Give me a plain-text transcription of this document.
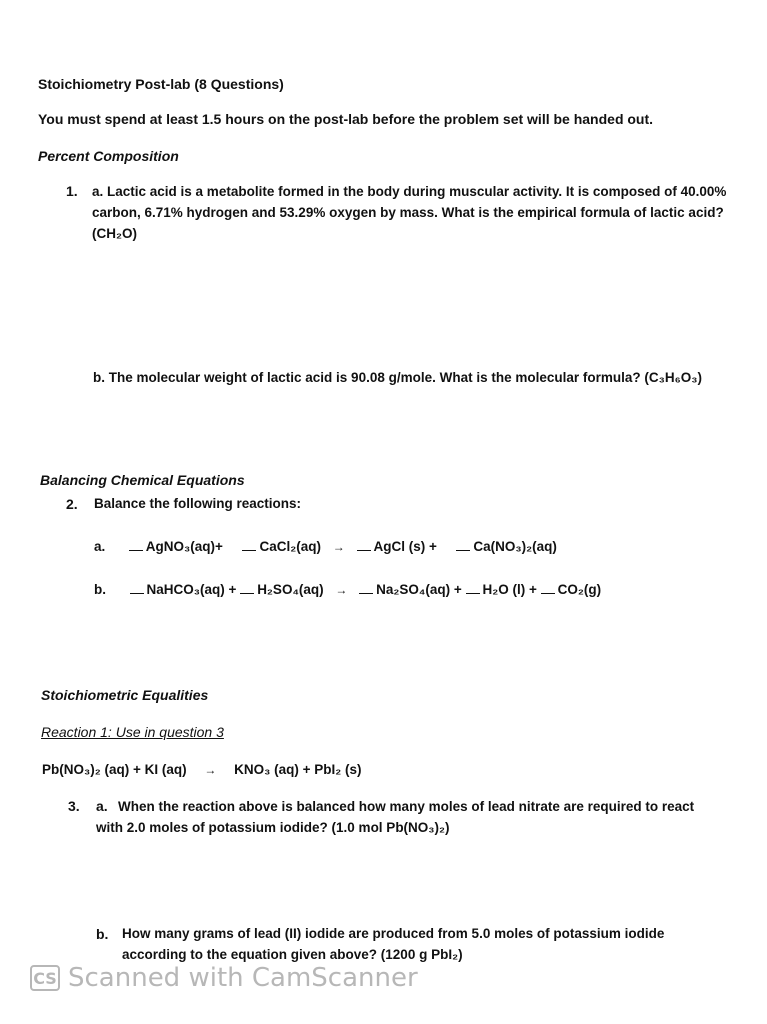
Stoichiometry Post-lab (8 Questions)
You must spend at least 1.5 hours on the post-lab before the problem set will be handed out.
Percent Composition
1. a. Lactic acid is a metabolite formed in the body during muscular activity. It is composed of 40.00% carbon, 6.71% hydrogen and 53.29% oxygen by mass. What is the empirical formula of lactic acid?
(CH₂O)
b. The molecular weight of lactic acid is 90.08 g/mole. What is the molecular formula? (C₃H₆O₃)
Balancing Chemical Equations
2. Balance the following reactions:
a.	AgNO₃(aq)+	CaCl₂(aq) → AgCl (s) +	Ca(NO₃)₂(aq)
b.	NaHCO₃(aq) + H₂SO₄(aq) → Na₂SO₄(aq) + H₂O (l) + CO₂(g)
Stoichiometric Equalities
Reaction 1: Use in question 3
Pb(NO₃)₂ (aq) + KI (aq) → KNO₃ (aq) + PbI₂ (s)
3. a. When the reaction above is balanced how many moles of lead nitrate are required to react with 2.0 moles of potassium iodide? (1.0 mol Pb(NO₃)₂)
b. How many grams of lead (II) iodide are produced from 5.0 moles of potassium iodide according to the equation given above? (1200 g PbI₂)
CS Scanned with CamScanner
